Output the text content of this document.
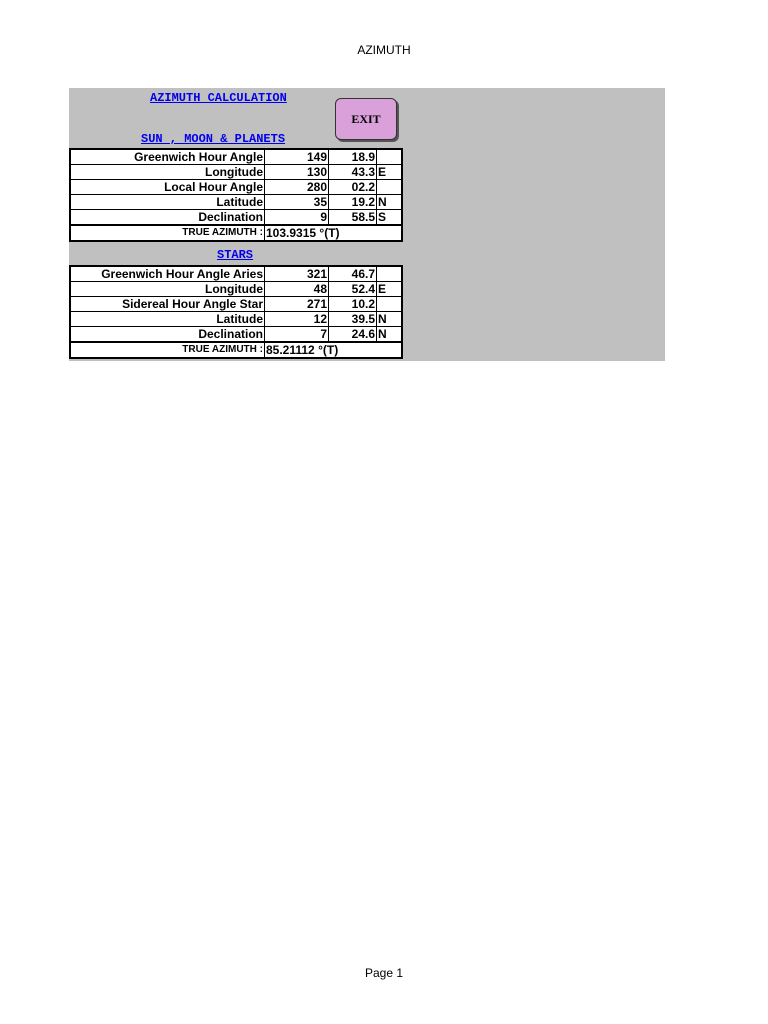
AZIMUTH
AZIMUTH CALCULATION
SUN , MOON & PLANETS
EXIT
Greenwich Hour Angle	149	18.9	
Longitude	130	43.3	E
Local Hour Angle	280	02.2	
Latitude	35	19.2	N
Declination	9	58.5	S
TRUE AZIMUTH :	103.9315 °(T)		
STARS
Greenwich Hour Angle Aries	321	46.7	
Longitude	48	52.4	E
Sidereal Hour Angle Star	271	10.2	
Latitude	12	39.5	N
Declination	7	24.6	N
TRUE AZIMUTH :	85.21112 °(T)		
Page 1
